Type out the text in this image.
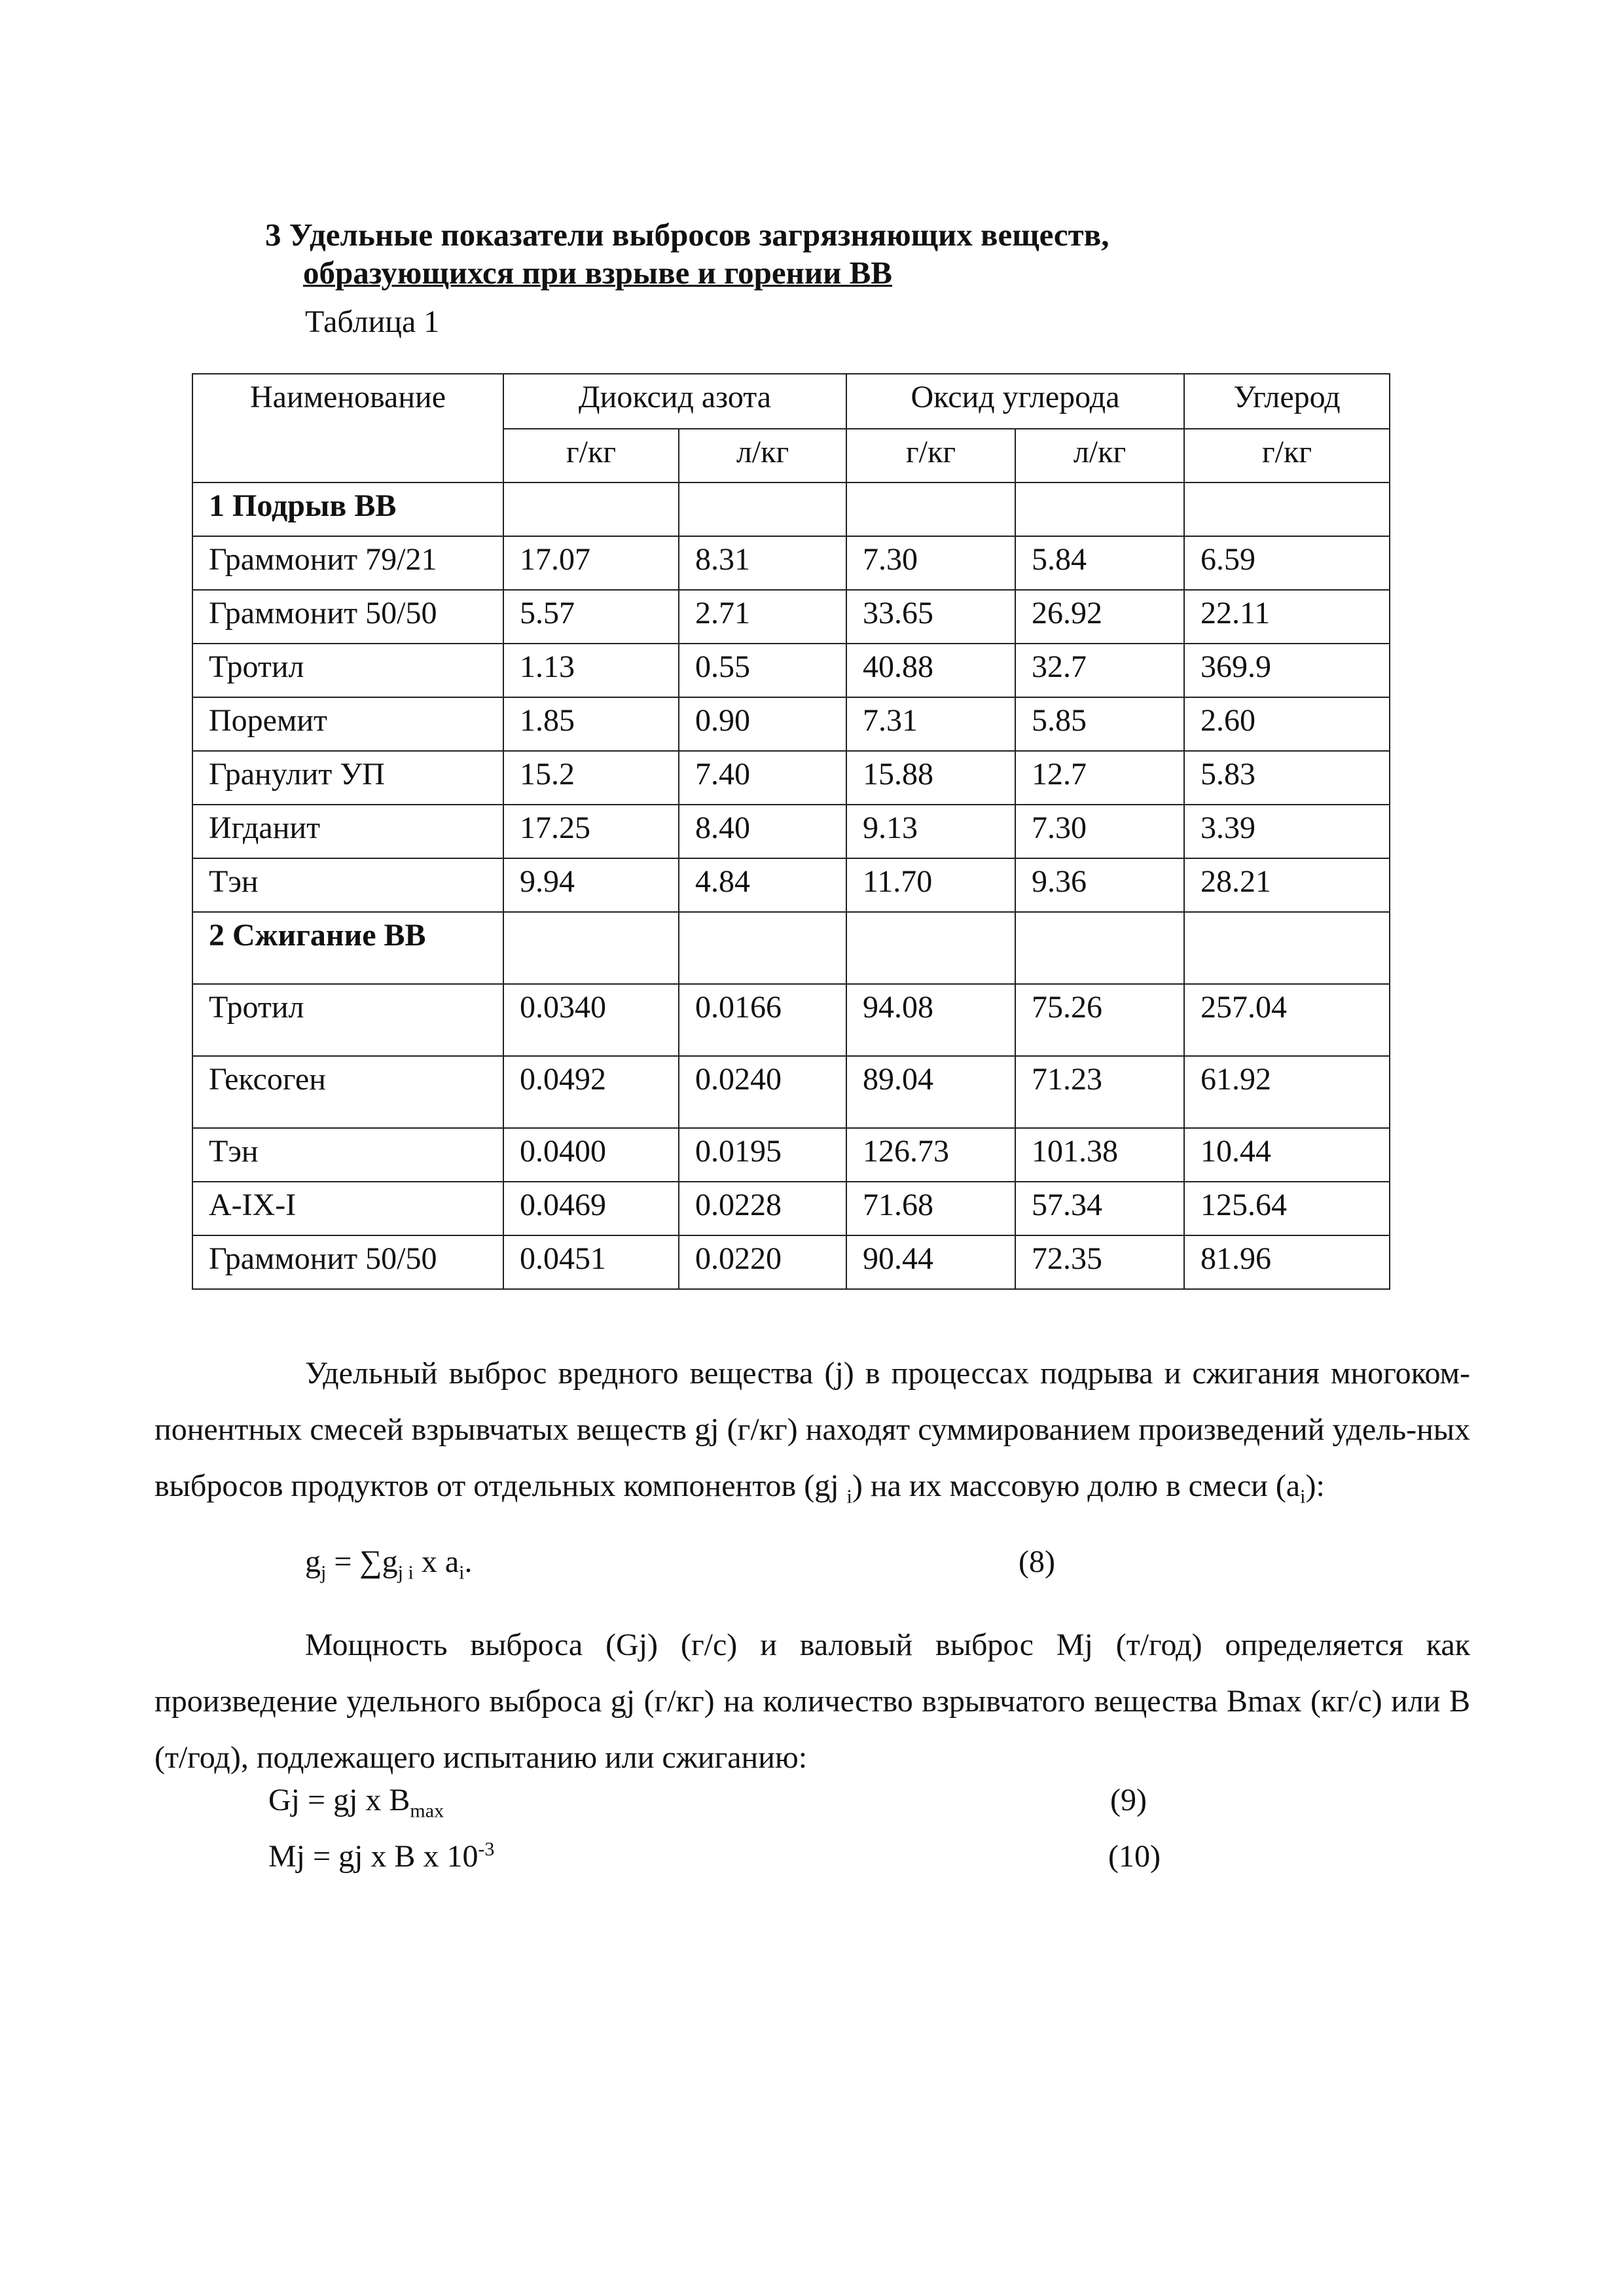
3 Удельные показатели выбросов загрязняющих веществ,
образующихся при взрыве и горении ВВ
Таблица 1
Наименование	Диоксид азота		Оксид углерода		Углерод
	г/кг	л/кг	г/кг	л/кг	г/кг
1 Подрыв ВВ					
Граммонит 79/21	17.07	8.31	7.30	5.84	6.59
Граммонит 50/50	5.57	2.71	33.65	26.92	22.11
Тротил	1.13	0.55	40.88	32.7	369.9
Поремит	1.85	0.90	7.31	5.85	2.60
Гранулит УП	15.2	7.40	15.88	12.7	5.83
Игданит	17.25	8.40	9.13	7.30	3.39
Тэн	9.94	4.84	11.70	9.36	28.21
2 Сжигание ВВ					
Тротил	0.0340	0.0166	94.08	75.26	257.04
Гексоген	0.0492	0.0240	89.04	71.23	61.92
Тэн	0.0400	0.0195	126.73	101.38	10.44
А-IX-I	0.0469	0.0228	71.68	57.34	125.64
Граммонит 50/50	0.0451	0.0220	90.44	72.35	81.96

Удельный выброс вредного вещества (j) в процессах подрыва и сжигания многоком-понентных смесей взрывчатых веществ gj (г/кг) находят суммированием произведений удель-ных выбросов продуктов от отдельных компонентов (gj $_i$) на их массовую долю в смеси $(a_i)$:

$g_j = \sum g_{j i}$ x $a_i$.	(8)

Мощность выброса (Gj) (г/с) и валовый выброс Mj (т/год) определяется как произведение удельного выброса gj (г/кг) на количество взрывчатого вещества Bmax (кг/с) или B (т/год), подлежащего испытанию или сжиганию:

Gj = gj x $B_{max}$	(9)
Mj = gj x B x $10^{-3}$	(10)
